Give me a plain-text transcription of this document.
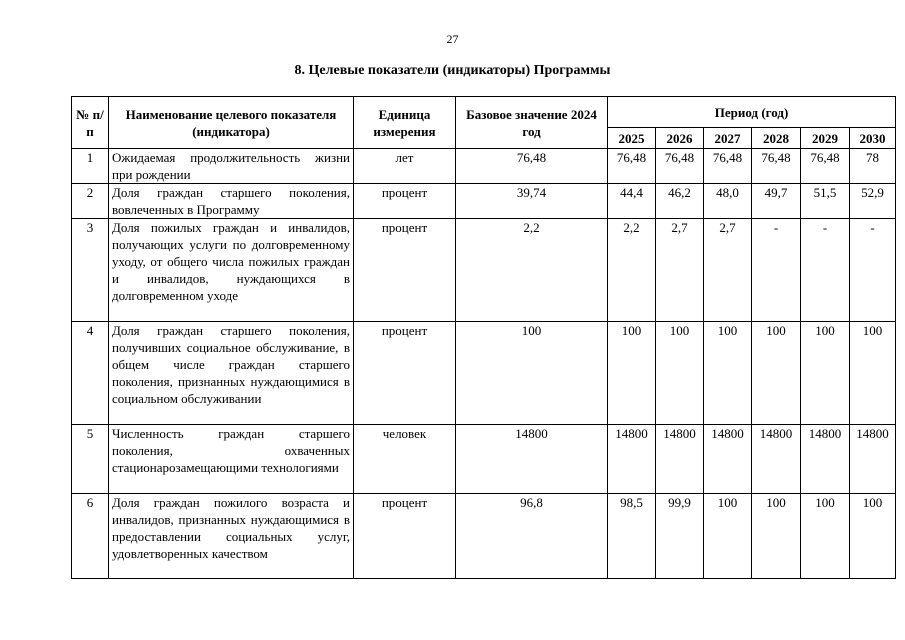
27
8. Целевые показатели (индикаторы) Программы
№ п/п	Наименование целевого показателя (индикатора)	Единица измерения	Базовое значение 2024 год	Период (год)					
				2025	2026	2027	2028	2029	2030
1	Ожидаемая продолжительность жизни при рождении	лет	76,48	76,48	76,48	76,48	76,48	76,48	78
2	Доля граждан старшего поколения, вовлеченных в Программу	процент	39,74	44,4	46,2	48,0	49,7	51,5	52,9
3	Доля пожилых граждан и инвалидов, получающих услуги по долговременному уходу, от общего числа пожилых граждан и инвалидов, нуждающихся в долговременном уходе	процент	2,2	2,2	2,7	2,7	-	-	-
4	Доля граждан старшего поколения, получивших социальное обслуживание, в общем числе граждан старшего поколения, признанных нуждающимися в социальном обслуживании	процент	100	100	100	100	100	100	100
5	Численность граждан старшего поколения, охваченных стационарозамещающими технологиями	человек	14800	14800	14800	14800	14800	14800	14800
6	Доля граждан пожилого возраста и инвалидов, признанных нуждающимися в предоставлении социальных услуг, удовлетворенных качеством	процент	96,8	98,5	99,9	100	100	100	100
